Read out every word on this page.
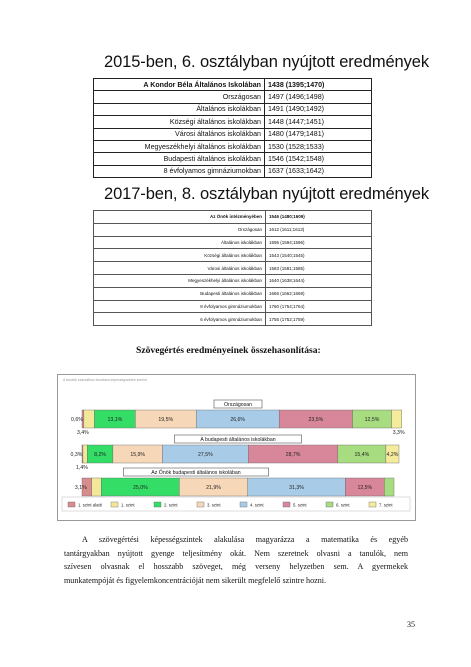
2015-ben, 6. osztályban nyújtott eredmények
A Kondor Béla Általános Iskolában	1438 (1395;1470)
Országosan	1497 (1496;1498)
Általános iskolákban	1491 (1490;1492)
Községi általános iskolákban	1448 (1447;1451)
Városi általános iskolákban	1480 (1479;1481)
Megyeszékhelyi általános iskolákban	1530 (1528;1533)
Budapesti általános iskolákban	1546 (1542;1548)
8 évfolyamos gimnáziumokban	1637 (1633;1642)
2017-ben, 8. osztályban nyújtott eredmények
Az Önök intézményében	1546 (1480;1609)
Országosan	1612 (1611;1613)
Általános iskolákban	1595 (1594;1596)
Községi általános iskolákban	1543 (1540;1545)
Városi általános iskolákban	1583 (1581;1585)
Megyeszékhelyi általános iskolákban	1640 (1638;1644)
Budapesti általános iskolákban	1666 (1662;1669)
8 évfolyamos gimnáziumokban	1760 (1754;1764)
6 évfolyamos gimnáziumokban	1755 (1752;1759)
Szövegértés eredményeinek összehasonlítása:
A tanulók százalékos eloszlása képességszintek szerint
Országosan
0,6%
3,4%
13,1%	19,5%	26,6%	23,5%	12,5%
3,3%
A budapesti általános iskolákban
0,3%
1,4%
8,2%	15,9%	27,5%	28,7%	15,4%	4,2%
Az Önök budapesti általános iskolában
3,1%	25,0%	21,9%	31,3%	12,5%
1. szint alatti	1. szint	2. szint	3. szint	4. szint	5. szint	6. szint	7. szint
A szövegértési képességszintek alakulása magyarázza a matematika és egyéb
tantárgyakban nyújtott gyenge teljesítmény okát. Nem szeretnek olvasni a tanulók, nem
szívesen olvasnak el hosszabb szöveget, még verseny helyzetben sem. A gyermekek
munkatempóját és figyelemkoncentrációját nem sikerült megfelelő szintre hozni.
35
